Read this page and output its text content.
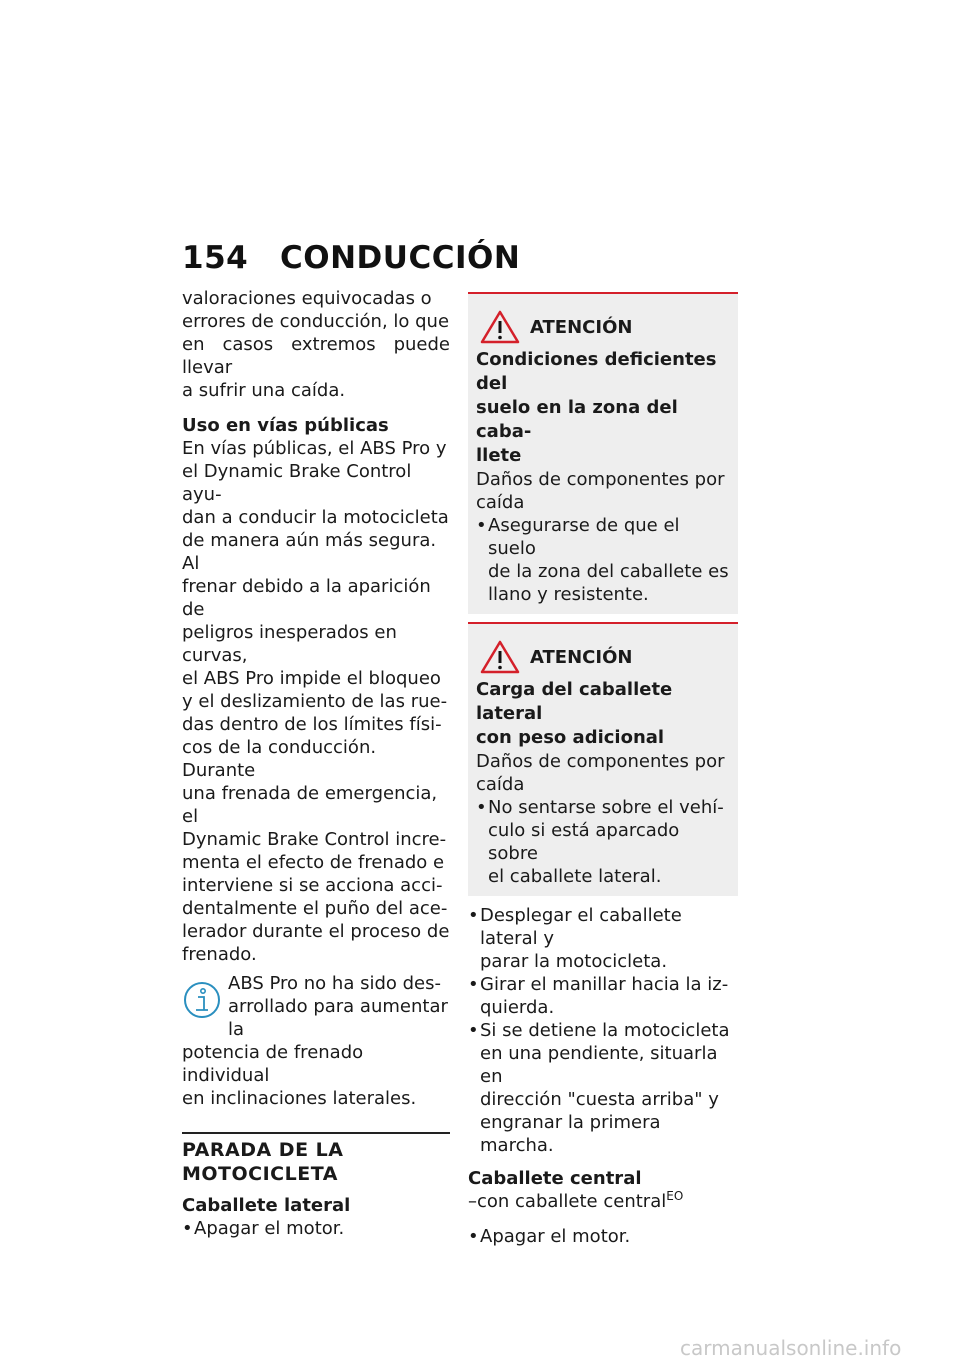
154 CONDUCCIÓN

valoraciones equivocadas o
errores de conducción, lo que
en casos extremos puede llevar
a sufrir una caída.

Uso en vías públicas

En vías públicas, el ABS Pro y
el Dynamic Brake Control ayu-
dan a conducir la motocicleta
de manera aún más segura. Al
frenar debido a la aparición de
peligros inesperados en curvas,
el ABS Pro impide el bloqueo
y el deslizamiento de las rue-
das dentro de los límites físi-
cos de la conducción. Durante
una frenada de emergencia, el
Dynamic Brake Control incre-
menta el efecto de frenado e
interviene si se acciona acci-
dentalmente el puño del ace-
lerador durante el proceso de
frenado.

ABS Pro no ha sido des-

arrollado para aumentar la

potencia de frenado individual

en inclinaciones laterales.

PARADA DE LA
MOTOCICLETA

Caballete lateral

• Apagar el motor.

ATENCIÓN

Condiciones deficientes del
suelo en la zona del caba-
llete

Daños de componentes por
caída

• Asegurarse de que el suelo
de la zona del caballete es
llano y resistente.

ATENCIÓN

Carga del caballete lateral
con peso adicional

Daños de componentes por
caída

• No sentarse sobre el vehí-
culo si está aparcado sobre
el caballete lateral.

• Desplegar el caballete lateral y
parar la motocicleta.

• Girar el manillar hacia la iz-
quierda.

• Si se detiene la motocicleta
en una pendiente, situarla en
dirección "cuesta arriba" y
engranar la primera marcha.

Caballete central

–con caballete central$^{EO}$

• Apagar el motor.

carmanualsonline.info
